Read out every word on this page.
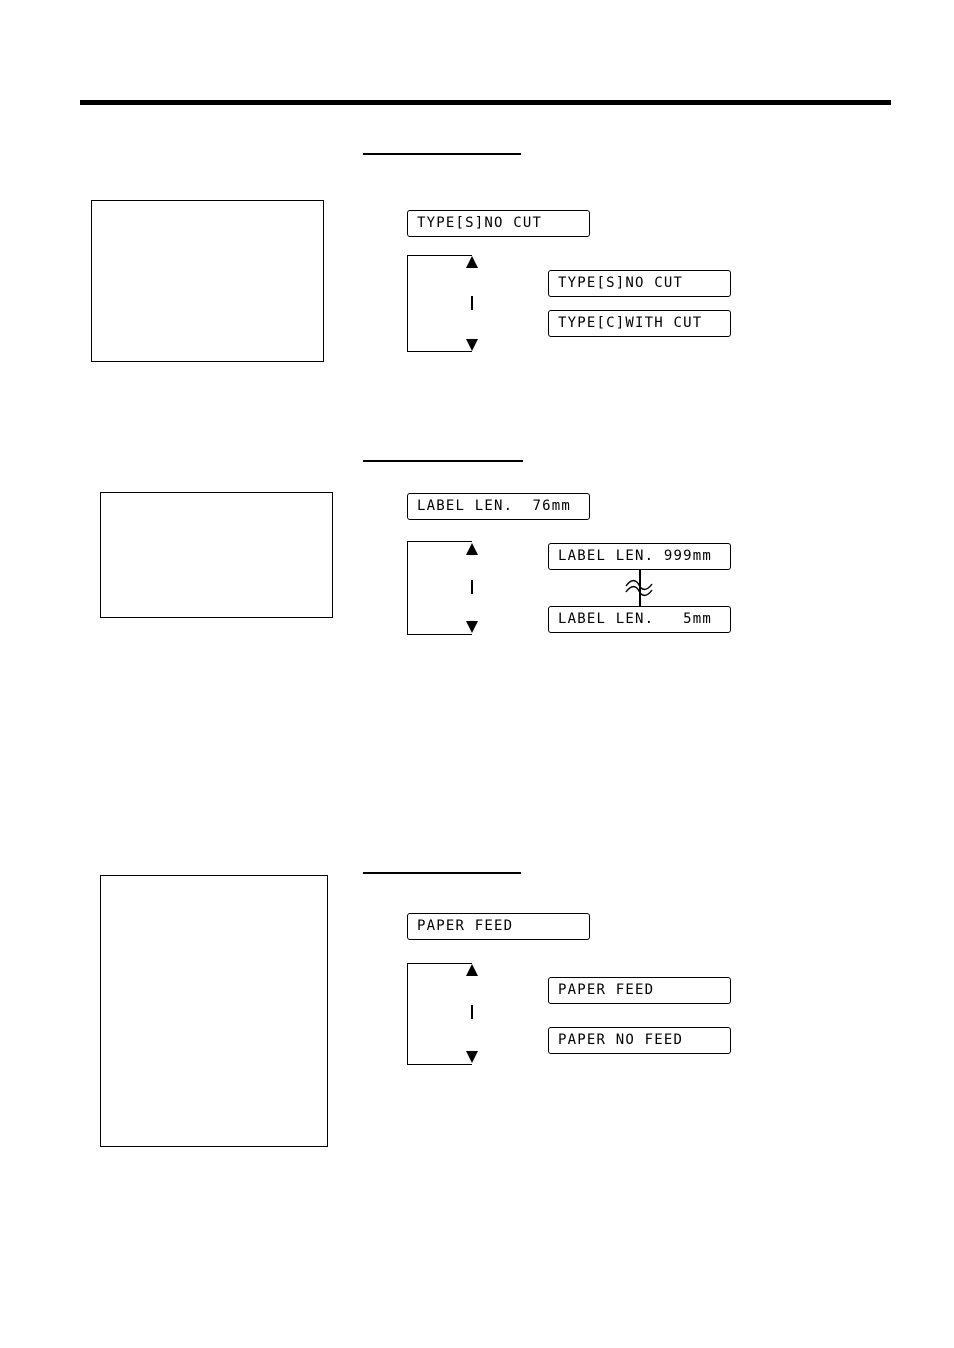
TYPE[S]NO CUT
TYPE[S]NO CUT
TYPE[C]WITH CUT
LABEL LEN.  76mm
LABEL LEN. 999mm
LABEL LEN.   5mm
PAPER FEED
PAPER FEED
PAPER NO FEED
